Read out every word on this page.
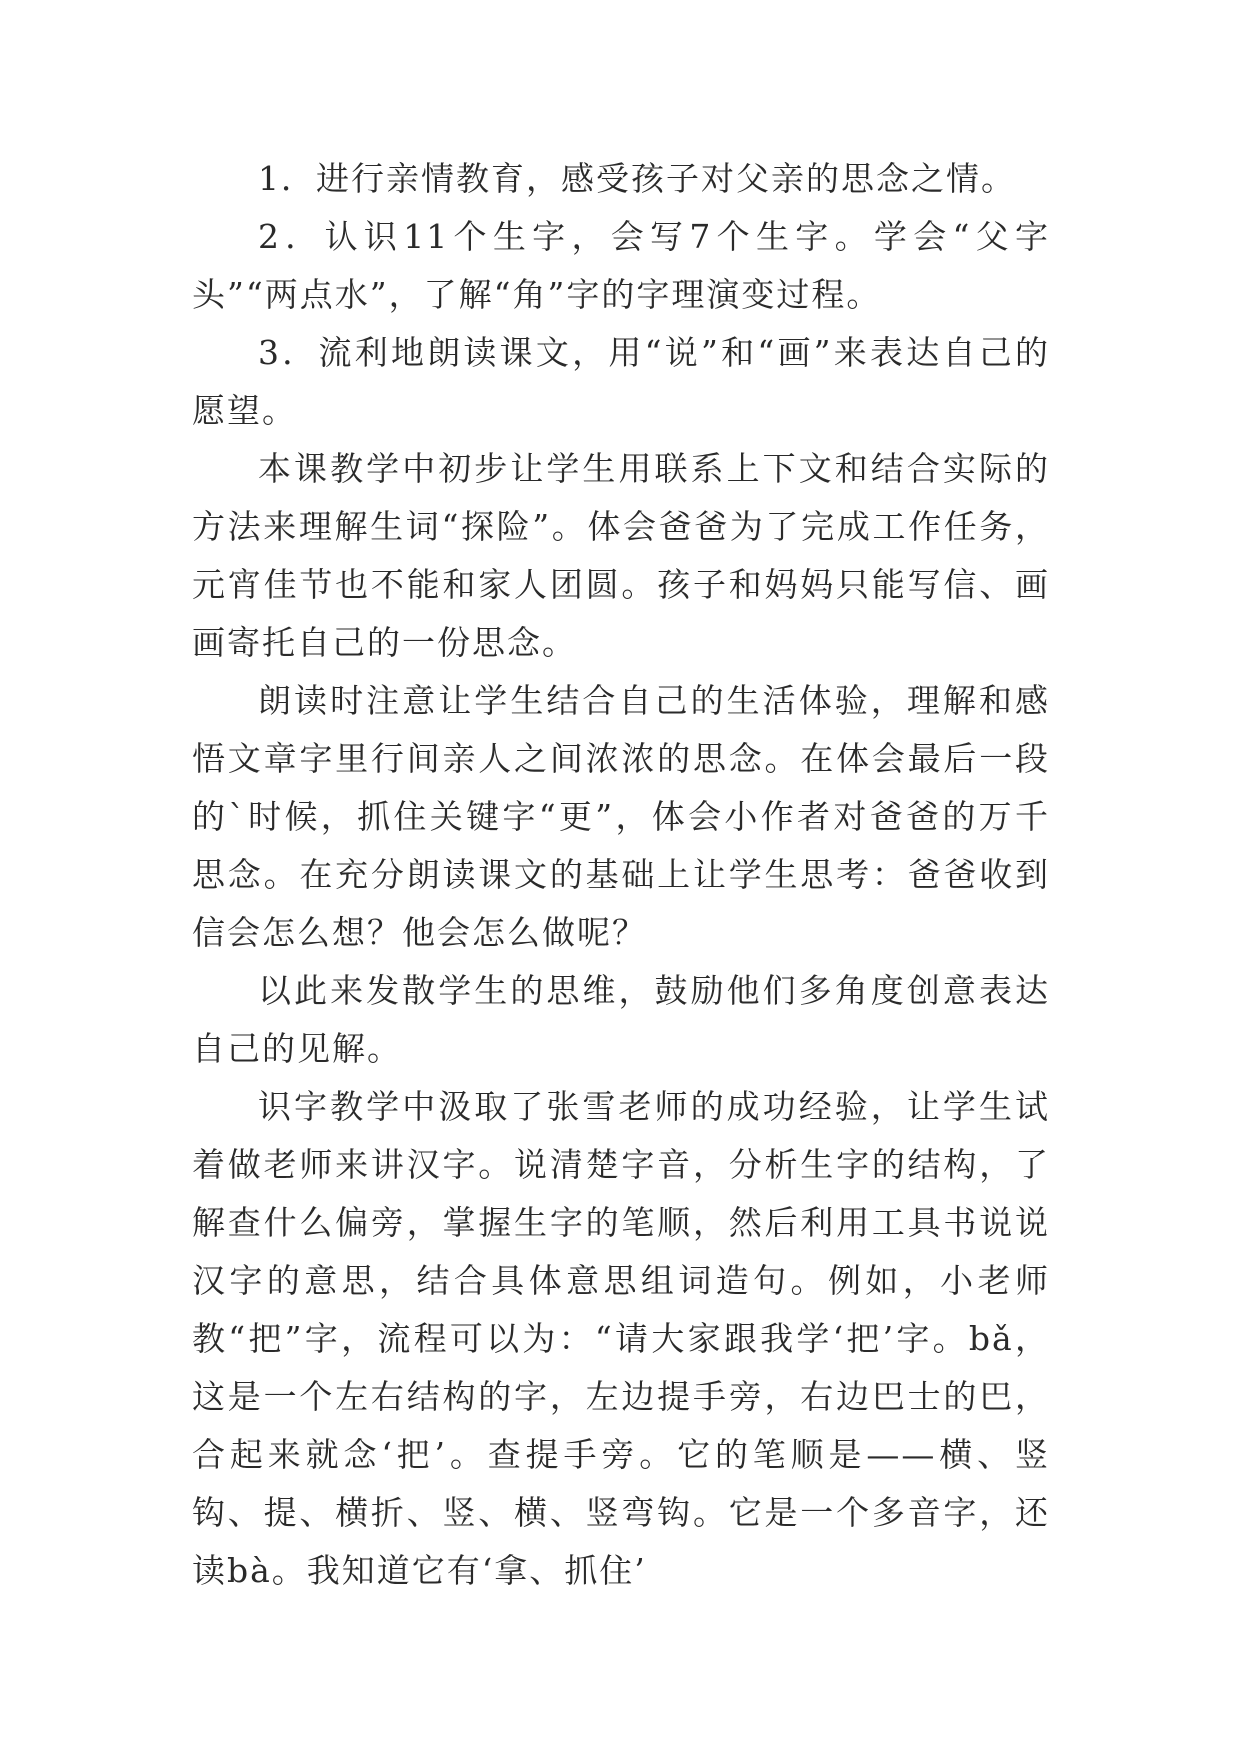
1．进行亲情教育，感受孩子对父亲的思念之情。

2．认识11个生字，会写7个生字。学会“父字头”“两点水”，了解“角”字的字理演变过程。

3．流利地朗读课文，用“说”和“画”来表达自己的愿望。

本课教学中初步让学生用联系上下文和结合实际的方法来理解生词“探险”。体会爸爸为了完成工作任务，元宵佳节也不能和家人团圆。孩子和妈妈只能写信、画画寄托自己的一份思念。

朗读时注意让学生结合自己的生活体验，理解和感悟文章字里行间亲人之间浓浓的思念。在体会最后一段的`时候，抓住关键字“更”，体会小作者对爸爸的万千思念。在充分朗读课文的基础上让学生思考：爸爸收到信会怎么想？他会怎么做呢？

以此来发散学生的思维，鼓励他们多角度创意表达自己的见解。

识字教学中汲取了张雪老师的成功经验，让学生试着做老师来讲汉字。说清楚字音，分析生字的结构，了解查什么偏旁，掌握生字的笔顺，然后利用工具书说说汉字的意思，结合具体意思组词造句。例如，小老师教“把”字，流程可以为：“请大家跟我学‘把’字。bǎ，这是一个左右结构的字，左边提手旁，右边巴士的巴，合起来就念‘把’。查提手旁。它的笔顺是——横、竖钩、提、横折、竖、横、竖弯钩。它是一个多音字，还读bà。我知道它有‘拿、抓住’
